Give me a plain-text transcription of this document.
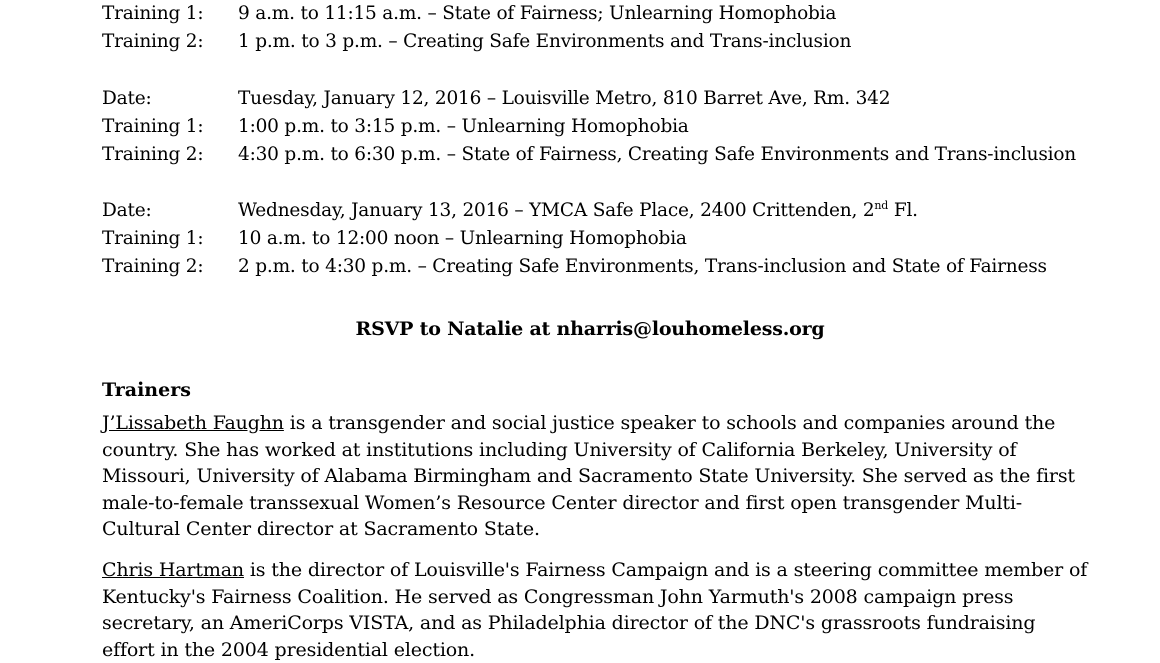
Training 1: 9 a.m. to 11:15 a.m. – State of Fairness; Unlearning Homophobia
Training 2: 1 p.m. to 3 p.m. – Creating Safe Environments and Trans-inclusion
Date:	Tuesday, January 12, 2016 – Louisville Metro, 810 Barret Ave, Rm. 342
Training 1: 1:00 p.m. to 3:15 p.m. – Unlearning Homophobia
Training 2: 4:30 p.m. to 6:30 p.m. – State of Fairness, Creating Safe Environments and Trans-inclusion
Date:	Wednesday, January 13, 2016 – YMCA Safe Place, 2400 Crittenden, 2nd Fl.
Training 1: 10 a.m. to 12:00 noon – Unlearning Homophobia
Training 2: 2 p.m. to 4:30 p.m. – Creating Safe Environments, Trans-inclusion and State of Fairness
RSVP to Natalie at nharris@louhomeless.org
Trainers

J’Lissabeth Faughn is a transgender and social justice speaker to schools and companies around the country. She has worked at institutions including University of California Berkeley, University of Missouri, University of Alabama Birmingham and Sacramento State University. She served as the first male-to-female transsexual Women’s Resource Center director and first open transgender Multi-Cultural Center director at Sacramento State.

Chris Hartman is the director of Louisville's Fairness Campaign and is a steering committee member of Kentucky's Fairness Coalition. He served as Congressman John Yarmuth's 2008 campaign press secretary, an AmeriCorps VISTA, and as Philadelphia director of the DNC's grassroots fundraising effort in the 2004 presidential election.
